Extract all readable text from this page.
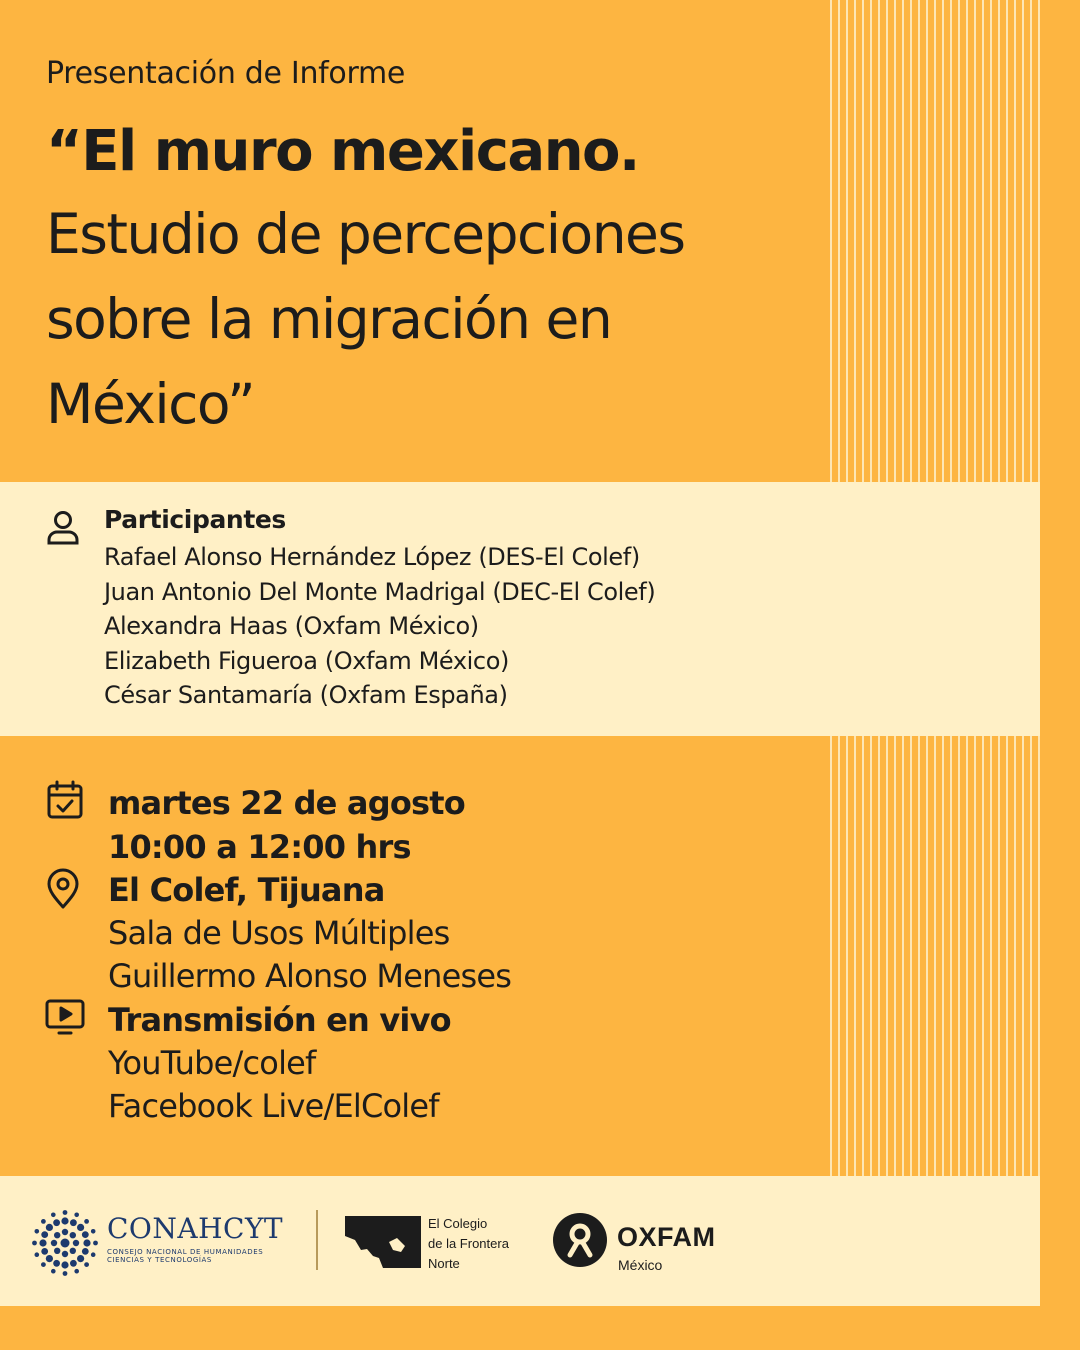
Presentación de Informe
“El muro mexicano.
Estudio de percepciones sobre la migración en México”
Participantes
Rafael Alonso Hernández López (DES-El Colef)
Juan Antonio Del Monte Madrigal (DEC-El Colef)
Alexandra Haas (Oxfam México)
Elizabeth Figueroa (Oxfam México)
César Santamaría (Oxfam España)
martes 22 de agosto
10:00 a 12:00 hrs
El Colef, Tijuana
Sala de Usos Múltiples
Guillermo Alonso Meneses
Transmisión en vivo
YouTube/colef
Facebook Live/ElColef
CONAHCYT
CONSEJO NACIONAL DE HUMANIDADES CIENCIAS Y TECNOLOGÍAS
El Colegio
de la Frontera
Norte
OXFAM
México
